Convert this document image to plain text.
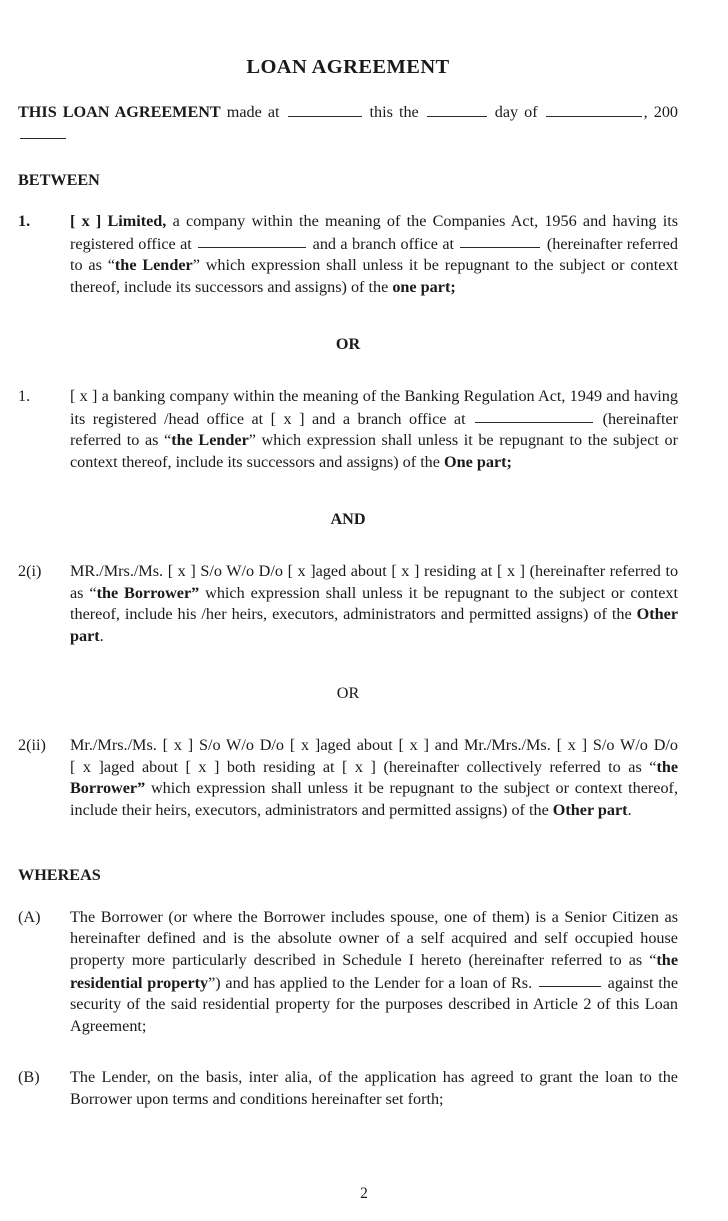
LOAN AGREEMENT

THIS LOAN AGREEMENT made at	this the	day of	, 200

BETWEEN

1.	[ x ] Limited, a company within the meaning of the Companies Act, 1956 and having its registered office at	and a branch office at	(hereinafter referred to as “the Lender” which expression shall unless it be repugnant to the subject or context thereof, include its successors and assigns) of the one part;

OR

1.	[ x ] a banking company within the meaning of the Banking Regulation Act, 1949 and having its registered /head office at [ x ] and a branch office at	(hereinafter referred to as “the Lender” which expression shall unless it be repugnant to the subject or context thereof, include its successors and assigns) of the One part;

AND

2(i)	MR./Mrs./Ms. [ x ] S/o W/o D/o [ x ]aged about [ x ] residing at [ x ] (hereinafter referred to as “the Borrower” which expression shall unless it be repugnant to the subject or context thereof, include his /her heirs, executors, administrators and permitted assigns) of the Other part.

OR

2(ii)	Mr./Mrs./Ms. [ x ] S/o W/o D/o [ x ]aged about [ x ] and Mr./Mrs./Ms. [ x ] S/o W/o D/o [ x ]aged about [ x ] both residing at [ x ] (hereinafter collectively referred to as “the Borrower” which expression shall unless it be repugnant to the subject or context thereof, include their heirs, executors, administrators and permitted assigns) of the Other part.

WHEREAS

(A)	The Borrower (or where the Borrower includes spouse, one of them) is a Senior Citizen as hereinafter defined and is the absolute owner of a self acquired and self occupied house property more particularly described in Schedule I hereto (hereinafter referred to as “the residential property”) and has applied to the Lender for a loan of Rs.	against the security of the said residential property for the purposes described in Article 2 of this Loan Agreement;
(B)	The Lender, on the basis, inter alia, of the application has agreed to grant the loan to the Borrower upon terms and conditions hereinafter set forth;
2
